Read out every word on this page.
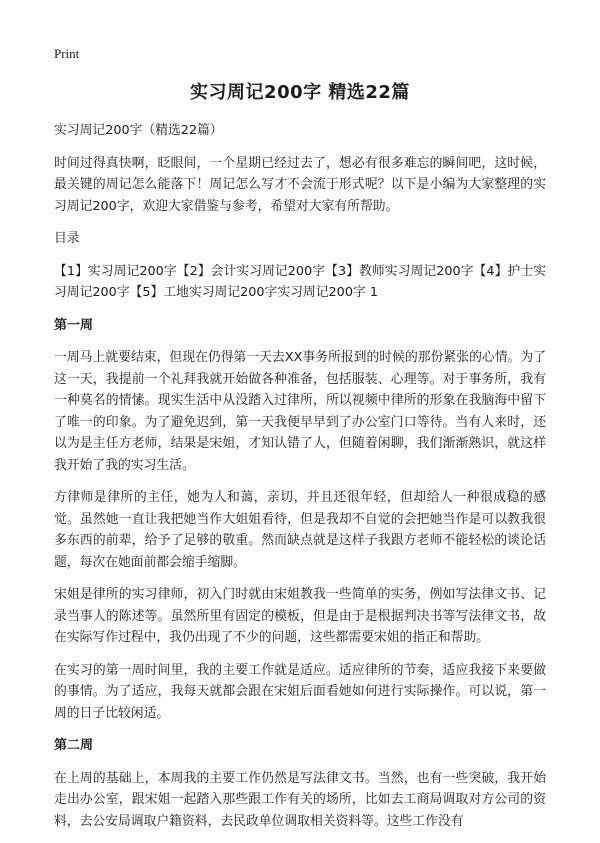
Print
实习周记200字 精选22篇

实习周记200字（精选22篇）

时间过得真快啊，眨眼间，一个星期已经过去了，想必有很多难忘的瞬间吧，这时候，最关键的周记怎么能落下！周记怎么写才不会流于形式呢？以下是小编为大家整理的实习周记200字，欢迎大家借鉴与参考，希望对大家有所帮助。

目录

【1】实习周记200字【2】会计实习周记200字【3】教师实习周记200字【4】护士实习周记200字【5】工地实习周记200字实习周记200字 1

第一周

一周马上就要结束，但现在仍得第一天去XX事务所报到的时候的那份紧张的心情。为了这一天，我提前一个礼拜我就开始做各种准备，包括服装、心理等。对于事务所，我有一种莫名的情愫。现实生活中从没踏入过律所，所以视频中律所的形象在我脑海中留下了唯一的印象。为了避免迟到，第一天我便早早到了办公室门口等待。当有人来时，还以为是主任方老师，结果是宋姐，才知认错了人，但随着闲聊，我们渐渐熟识，就这样我开始了我的实习生活。

方律师是律所的主任，她为人和蔼，亲切，并且还很年轻，但却给人一种很成稳的感觉。虽然她一直让我把她当作大姐姐看待，但是我却不自觉的会把她当作是可以教我很多东西的前辈，给予了足够的敬重。然而缺点就是这样子我跟方老师不能轻松的谈论话题，每次在她面前都会缩手缩脚。

宋姐是律所的实习律师，初入门时就由宋姐教我一些简单的实务，例如写法律文书、记录当事人的陈述等。虽然所里有固定的模板，但是由于是根据判决书等写法律文书，故在实际写作过程中，我仍出现了不少的问题，这些都需要宋姐的指正和帮助。

在实习的第一周时间里，我的主要工作就是适应。适应律所的节奏，适应我接下来要做的事情。为了适应，我每天就都会跟在宋姐后面看她如何进行实际操作。可以说，第一周的日子比较闲适。

第二周

在上周的基础上，本周我的主要工作仍然是写法律文书。当然，也有一些突破，我开始走出办公室，跟宋姐一起踏入那些跟工作有关的场所，比如去工商局调取对方公司的资料，去公安局调取户籍资料，去民政单位调取相关资料等。这些工作没有
